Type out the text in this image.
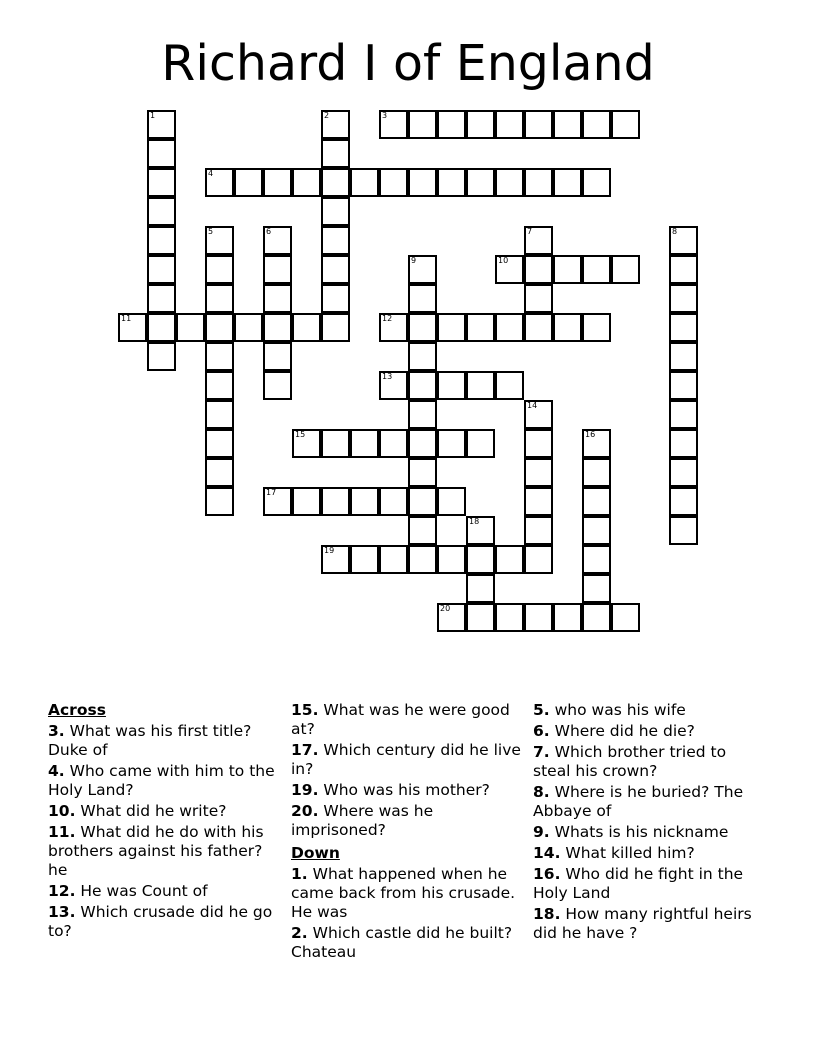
Richard I of England
1	2	3
4
5	6	7	8
9	10
11	12
13
14
15	16
17
18
19
20
Across
3. What was his first title? Duke of
4. Who came with him to the Holy Land?
10. What did he write?
11. What did he do with his brothers against his father? he
12. He was Count of
13. Which crusade did he go to?
15. What was he were good at?
17. Which century did he live in?
19. Who was his mother?
20. Where was he imprisoned?
Down
1. What happened when he came back from his crusade. He was
2. Which castle did he built? Chateau
5. who was his wife
6. Where did he die?
7. Which brother tried to steal his crown?
8. Where is he buried? The Abbaye of
9. Whats is his nickname
14. What killed him?
16. Who did he fight in the Holy Land
18. How many rightful heirs did he have ?
